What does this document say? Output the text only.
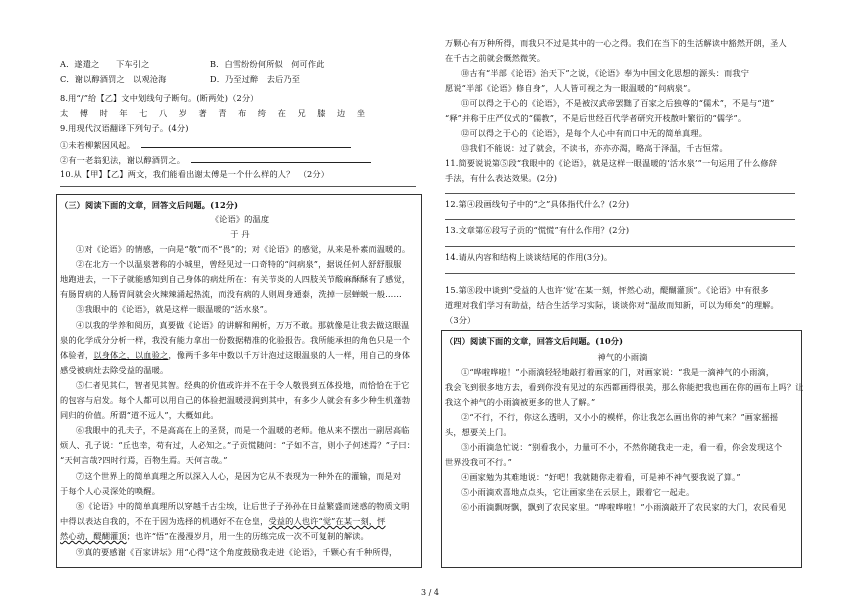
A．遂遣之　　下车引之	B．白雪纷纷何所似　何可作此
C．谢以醇酒罚之　以观沧海	D．乃至过醉　去后乃至
8.用“/”给【乙】文中划线句子断句。(断两处)（2分）
太 傅 时 年 七 八 岁 著 青 布 绔 在 兄 膝 边 坐
9.用现代汉语翻译下列句子。(4分)
①未若柳絮因风起。
②有一老翁犯法，谢以醇酒罚之。
10.从【甲】【乙】两文，我们能看出谢太傅是一个什么样的人？　（2分）
（三）阅读下面的文章，回答文后问题。(12分)
《论语》的温度
于 丹
①对《论语》的情感，一向是“敬”而不“畏”的；对《论语》的感觉，从来是朴素而温暖的。
②在北方一个以温泉著称的小城里，曾经见过一口奇特的“问病泉”，据说任何人舒舒服服
地跑进去，一下子就能感知到自己身体的病灶所在：有关节炎的人四肢关节酸麻酥酥有了感觉，
有肠胃病的人肠胃间就会火辣辣涌起热流，而没有病的人则周身通泰，洗掉一层蝉蜕一般……
③我眼中的《论语》，就是这样一眼温暖的“活水泉”。
④以我的学养和阅历，真要做《论语》的讲解和阐析，万万不敢。那就像是让我去做这眼温
泉的化学成分分析一样，我没有能力拿出一份数据精准的化验报告。我所能承担的角色只是一个
体验者，以身体之，以血验之，像两千多年中数以千万计泡过这眼温泉的人一样，用自己的身体
感受被病灶去除受益的温暖。
⑤仁者见其仁，智者见其智。经典的价值或许并不在于令人敬畏到五体投地，而恰恰在于它
的包容与启发。每个人都可以用自己的体验把温暖浸润到其中，有多少人就会有多少种生机蓬勃
同归的价值。所谓“道不远人”，大概如此。
⑥我眼中的孔夫子，不是高高在上的圣贤，而是一个温暖的老师。他从来不摆出一副居高临
烦人、孔子说：“丘也幸，苟有过，人必知之。”子贡慌随问：“子如不言，则小子何述焉？”子曰：
“天何言哉?四时行焉，百物生焉。天何言哉。”
⑦这个世界上的简单真理之所以深入人心，是因为它从不表现为一种外在的灌输，而是对
于每个人心灵深处的唤醒。
⑧《论语》中的简单真理所以穿越千古尘埃，让后世子子孙孙在日益繁盛而迷惑的物质文明
中得以表达自我的，不在于因为选择的机遇好不在仓皇，受益的人也许“觉”在某一刻，怦
然心动，醍醐灌顶；也许“悟”在漫漫岁月，用一生的历练完成一次不可复制的解读。
⑨真的要感谢《百家讲坛》用“心得”这个角度鼓励我走进《论语》，千颗心有千种所得，
万颗心有万种所得，而我只不过是其中的一心之得。我们在当下的生活解读中豁然开朗，圣人
在千古之前就会慨然微笑。
⑩古有“半部《论语》治天下”之说，《论语》奉为中国文化思想的源头：而我宁
愿说“半部《论语》修自身”，人人皆可视之为一眼温暖的“问病泉”。
⑪可以得之于心的《论语》，不是被汉武帝罢黜了百家之后独尊的“儒术”，不是与“道”
“释”并称于庄严仪式的“儒教”，不是后世经百代学者研究开枝散叶繁衍的“儒学”。
⑫可以得之于心的《论语》，是每个人心中有而口中无的简单真理。
⑬我们不能说：过了就会，不读书，亦亦亦渴，略高于泽温，千古恒常。
11.简要说说第⑤段“我眼中的《论语》，就是这样一眼温暖的‘活水泉’”一句运用了什么修辞
手法，有什么表达效果。(2分)
12.第④段画线句子中的“之”具体指代什么？(2分)
13.文章第⑥段写子贡的“慌慌”有什么作用？(2分)
14.请从内容和结构上谈谈结尾的作用(3分)。
15.第⑧段中谈到“受益的人也许‘觉’在某一刻，怦然心动，醍醐灌顶”。《论语》中有很多
道理对我们学习有助益，结合生活学习实际，谈谈你对“温故而知新，可以为师矣”的理解。
（3分）
（四）阅读下面的文章，回答文后问题。(10分)
神气的小雨滴
①“哗啦哗啦！”小雨滴轻轻地敲打着画家的门，对画家说：“我是一滴神气的小雨滴，
我会飞到很多地方去，看到你没有见过的东西都画得很美，那么你能把我也画在你的画布上吗？让
我这个神气的小雨滴被更多的世人了解。”
②“不行，不行，你这么透明，又小小的模样，你让我怎么画出你的神气来？”画家摇摇
头，想要关上门。
③小雨滴急忙说：“别看我小，力量可不小，不然你随我走一走，看一看，你会发现这个
世界没我可不行。”
④画家勉为其难地说：“好吧！我就随你走着看，可是神不神气要我说了算。”
⑤小雨滴欢喜地点点头，它让画家坐在云层上，跟着它一起走。
⑥小雨滴飘呀飘，飘到了农民家里。“哗啦哗啦！”小雨滴敲开了农民家的大门，农民看见
3 / 4
